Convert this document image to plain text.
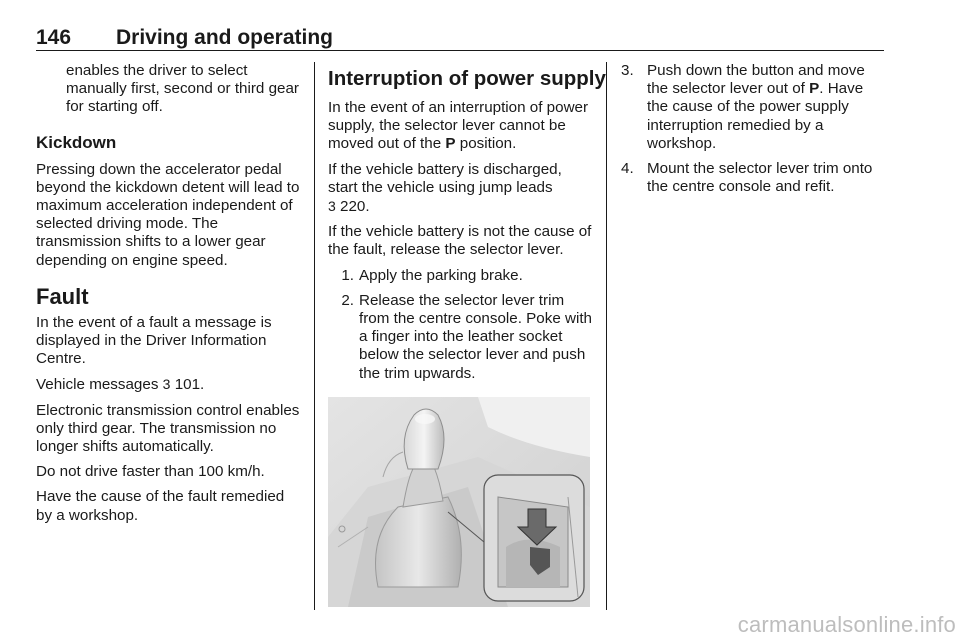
146 Driving and operating

enables the driver to select manually first, second or third gear for starting off.

Kickdown

Pressing down the accelerator pedal beyond the kickdown detent will lead to maximum acceleration independent of selected driving mode. The transmission shifts to a lower gear depending on engine speed.

Fault

In the event of a fault a message is displayed in the Driver Information Centre.

Vehicle messages 3 101.

Electronic transmission control enables only third gear. The transmission no longer shifts automatically.

Do not drive faster than 100 km/h.

Have the cause of the fault remedied by a workshop.

Interruption of power supply

In the event of an interruption of power supply, the selector lever cannot be moved out of the P position.

If the vehicle battery is discharged, start the vehicle using jump leads
3 220.

If the vehicle battery is not the cause of the fault, release the selector lever.

1. Apply the parking brake.
2. Release the selector lever trim from the centre console. Poke with a finger into the leather socket below the selector lever and push the trim upwards.
3. Push down the button and move the selector lever out of P. Have the cause of the power supply interruption remedied by a workshop.
4. Mount the selector lever trim onto the centre console and refit.
carmanualsonline.info
